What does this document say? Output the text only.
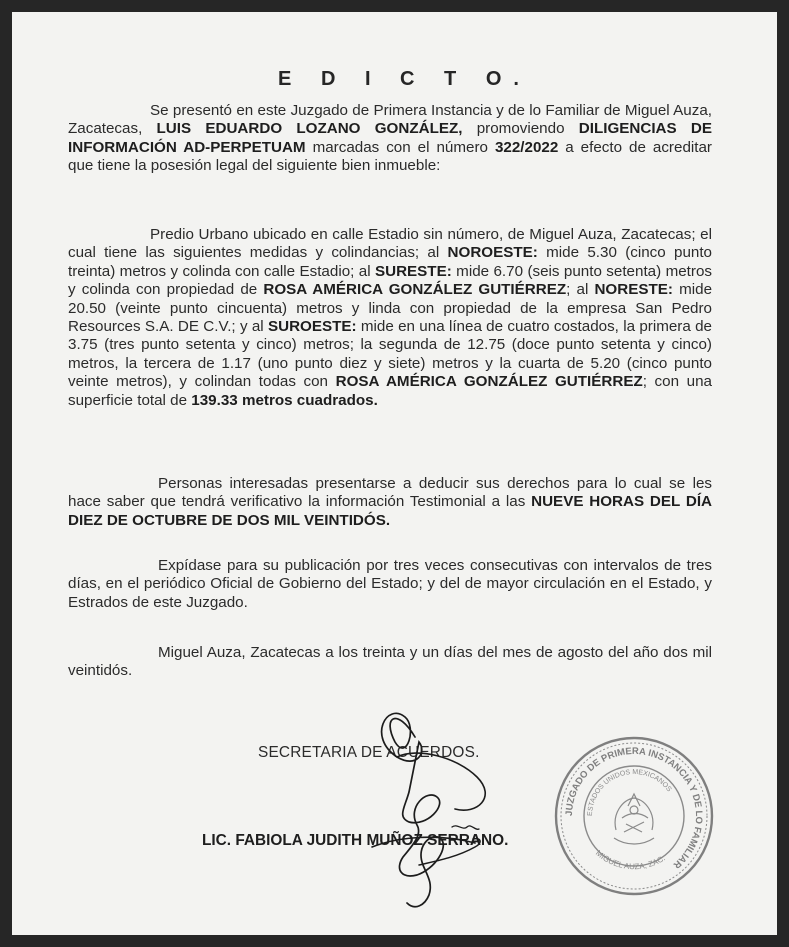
E D I C T O.

Se presentó en este Juzgado de Primera Instancia y de lo Familiar de Miguel Auza, Zacatecas, LUIS EDUARDO LOZANO GONZÁLEZ, promoviendo DILIGENCIAS DE INFORMACIÓN AD-PERPETUAM marcadas con el número 322/2022 a efecto de acreditar que tiene la posesión legal del siguiente bien inmueble:

Predio Urbano ubicado en calle Estadio sin número, de Miguel Auza, Zacatecas; el cual tiene las siguientes medidas y colindancias; al NOROESTE: mide 5.30 (cinco punto treinta) metros y colinda con calle Estadio; al SURESTE: mide 6.70 (seis punto setenta) metros y colinda con propiedad de ROSA AMÉRICA GONZÁLEZ GUTIÉRREZ; al NORESTE: mide 20.50 (veinte punto cincuenta) metros y linda con propiedad de la empresa San Pedro Resources S.A. DE C.V.; y al SUROESTE: mide en una línea de cuatro costados, la primera de 3.75 (tres punto setenta y cinco) metros; la segunda de 12.75 (doce punto setenta y cinco) metros, la tercera de 1.17 (uno punto diez y siete) metros y la cuarta de 5.20 (cinco punto veinte metros), y colindan todas con ROSA AMÉRICA GONZÁLEZ GUTIÉRREZ; con una superficie total de 139.33 metros cuadrados.

Personas interesadas presentarse a deducir sus derechos para lo cual se les hace saber que tendrá verificativo la información Testimonial a las NUEVE HORAS DEL DÍA DIEZ DE OCTUBRE DE DOS MIL VEINTIDÓS.

Expídase para su publicación por tres veces consecutivas con intervalos de tres días, en el periódico Oficial de Gobierno del Estado; y del de mayor circulación en el Estado, y Estrados de este Juzgado.

Miguel Auza, Zacatecas a los treinta y un días del mes de agosto del año dos mil veintidós.

SECRETARIA DE ACUERDOS.
LIC. FABIOLA JUDITH MUÑOZ SERRANO.
JUZGADO DE PRIMERA INSTANCIA Y DE LO FAMILIAR
ESTADOS UNIDOS MEXICANOS
MIGUEL AUZA, ZAC.
